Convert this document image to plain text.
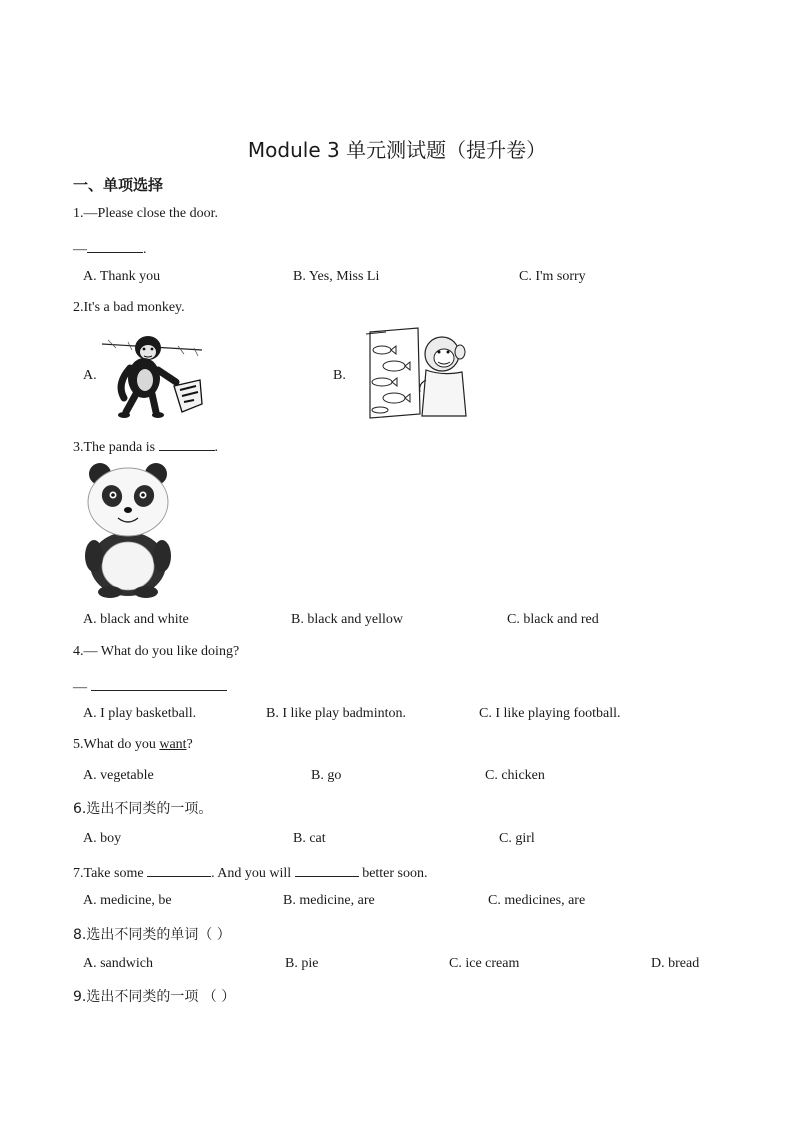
Module 3 单元测试题（提升卷）
一、单项选择
1.—Please close the door.
—	.
A. Thank you	B. Yes, Miss Li	C. I'm sorry
2.It's a bad monkey.
A.	B.
3.The panda is	.
A. black and white	B. black and yellow	C. black and red
4.— What do you like doing?
—
A. I play basketball.	B. I like play badminton.	C. I like playing football.
5.What do you want?
A. vegetable	B. go	C. chicken
6.选出不同类的一项。
A. boy	B. cat	C. girl
7.Take some	. And you will	better soon.
A. medicine, be	B. medicine, are	C. medicines, are
8.选出不同类的单词（ ）
A. sandwich	B. pie	C. ice cream	D. bread
9.选出不同类的一项 （ ）
